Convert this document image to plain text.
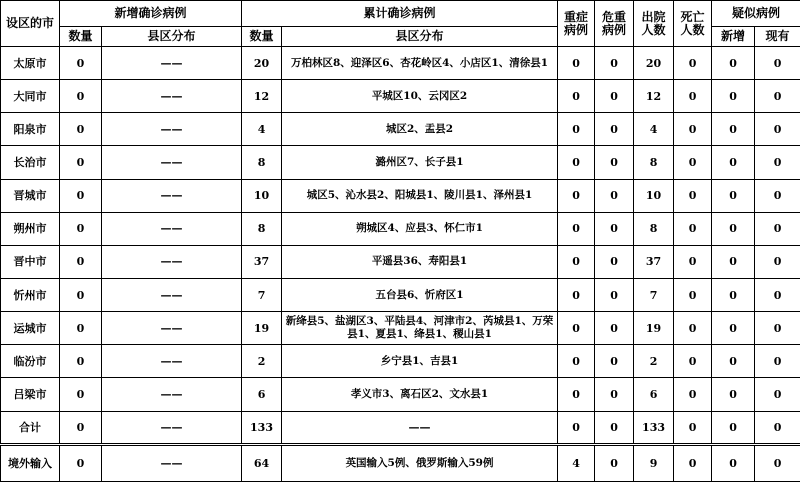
设区的市	新增确诊病例		累计确诊病例		重症病例	危重病例	出院人数	死亡人数	疑似病例	
	数量	县区分布	数量	县区分布					新增	现有
太原市	0	——	20	万柏林区8、迎泽区6、杏花岭区4、小店区1、清徐县1	0	0	20	0	0	0
大同市	0	——	12	平城区10、云冈区2	0	0	12	0	0	0
阳泉市	0	——	4	城区2、盂县2	0	0	4	0	0	0
长治市	0	——	8	潞州区7、长子县1	0	0	8	0	0	0
晋城市	0	——	10	城区5、沁水县2、阳城县1、陵川县1、泽州县1	0	0	10	0	0	0
朔州市	0	——	8	朔城区4、应县3、怀仁市1	0	0	8	0	0	0
晋中市	0	——	37	平遥县36、寿阳县1	0	0	37	0	0	0
忻州市	0	——	7	五台县6、忻府区1	0	0	7	0	0	0
运城市	0	——	19	新绛县5、盐湖区3、平陆县4、河津市2、芮城县1、万荣县1、夏县1、绛县1、稷山县1	0	0	19	0	0	0
临汾市	0	——	2	乡宁县1、吉县1	0	0	2	0	0	0
吕梁市	0	——	6	孝义市3、离石区2、文水县1	0	0	6	0	0	0
合计	0	——	133	——	0	0	133	0	0	0
境外输入	0	——	64	英国输入5例、俄罗斯输入59例	4	0	9	0	0	0
